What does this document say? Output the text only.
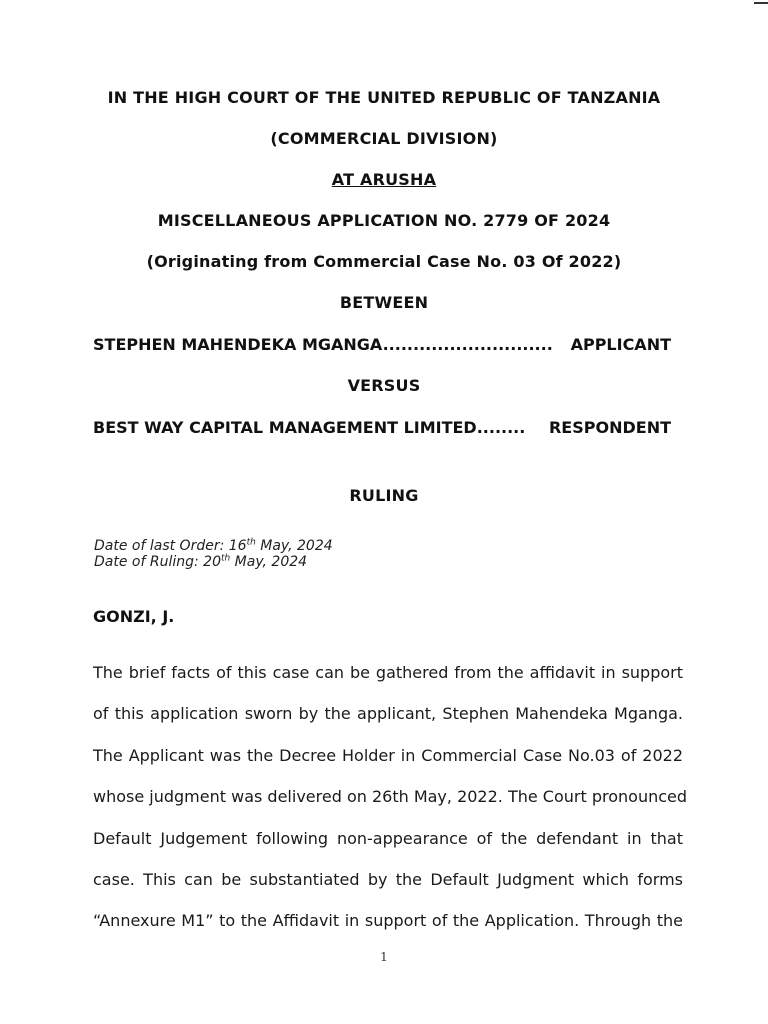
IN THE HIGH COURT OF THE UNITED REPUBLIC OF TANZANIA
(COMMERCIAL DIVISION)
AT ARUSHA
MISCELLANEOUS APPLICATION NO. 2779 OF 2024
(Originating from Commercial Case No. 03 Of 2022)
BETWEEN
STEPHEN MAHENDEKA MGANGA............................ APPLICANT
VERSUS
BEST WAY CAPITAL MANAGEMENT LIMITED........ RESPONDENT
RULING
Date of last Order: 16th May, 2024
Date of Ruling: 20th May, 2024
GONZI, J.
The brief facts of this case can be gathered from the affidavit in support
of this application sworn by the applicant, Stephen Mahendeka Mganga.
The Applicant was the Decree Holder in Commercial Case No.03 of 2022
whose judgment was delivered on 26th May, 2022. The Court pronounced
Default Judgement following non-appearance of the defendant in that
case. This can be substantiated by the Default Judgment which forms
“Annexure M1” to the Affidavit in support of the Application. Through the
1
